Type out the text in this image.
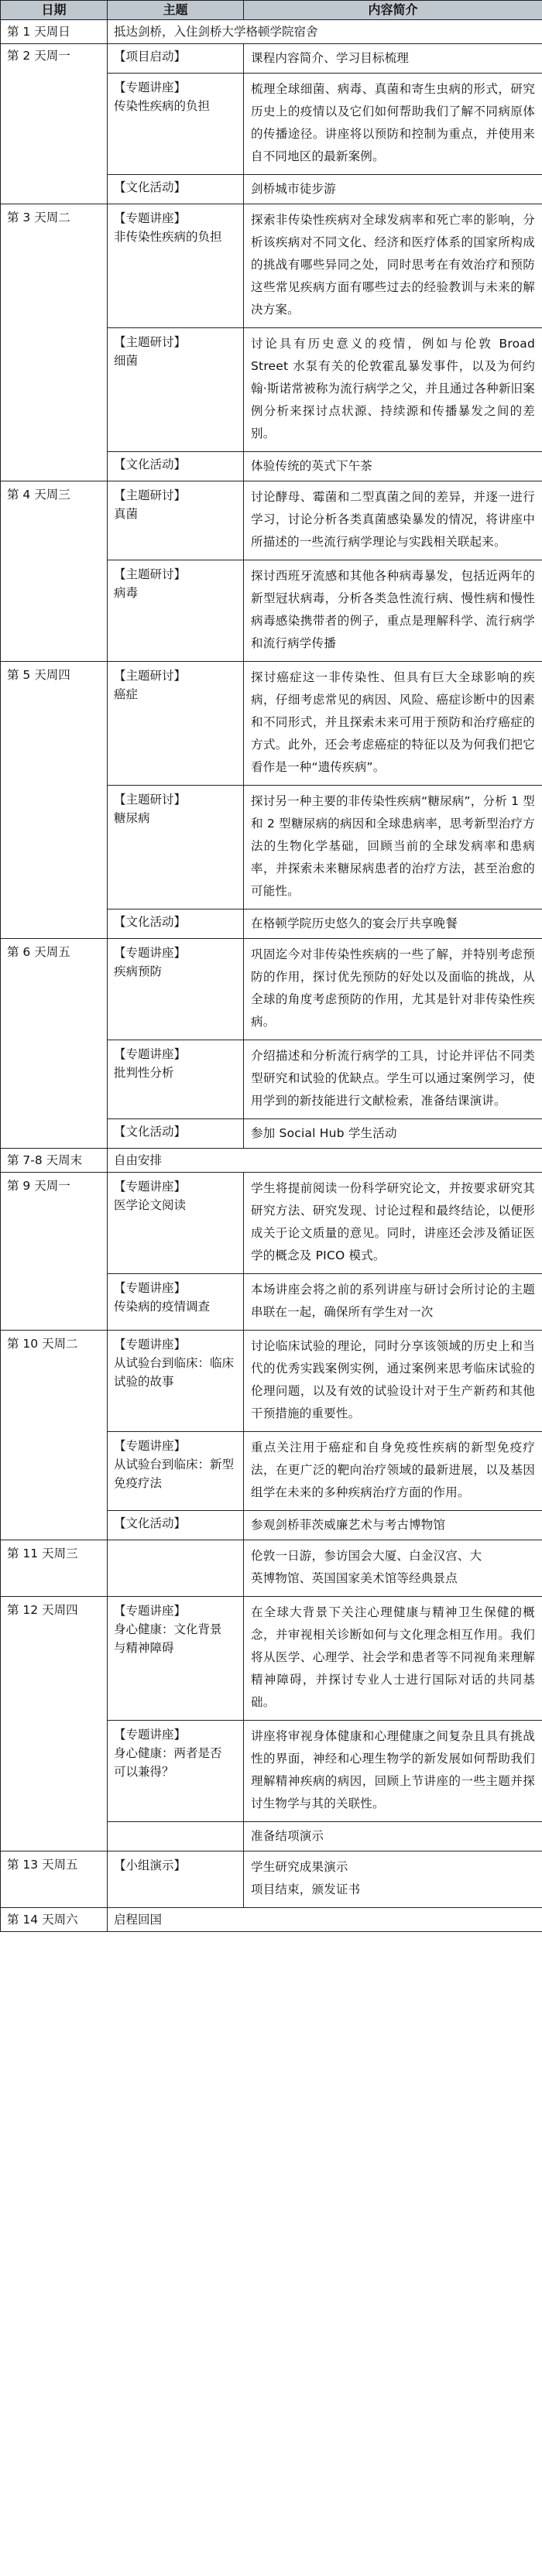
日期	主题	内容简介
第 1 天周日	抵达剑桥，入住剑桥大学格顿学院宿舍	
第 2 天周一	【项目启动】	课程内容简介、学习目标梳理

	【专题讲座】
传染性疾病的负担	梳理全球细菌、病毒、真菌和寄生虫病的形式，研究历史上的疫情以及它们如何帮助我们了解不同病原体的传播途径。讲座将以预防和控制为重点，并使用来自不同地区的最新案例。
	【文化活动】	剑桥城市徒步游
第 3 天周二	【专题讲座】
非传染性疾病的负担	探索非传染性疾病对全球发病率和死亡率的影响，分析该疾病对不同文化、经济和医疗体系的国家所构成的挑战有哪些异同之处，同时思考在有效治疗和预防这些常见疾病方面有哪些过去的经验教训与未来的解决方案。

	【主题研讨】
细菌	讨论具有历史意义的疫情，例如与伦敦 Broad Street 水泵有关的伦敦霍乱暴发事件，以及为何约翰·斯诺常被称为流行病学之父，并且通过各种新旧案例分析来探讨点状源、持续源和传播暴发之间的差别。
	【文化活动】	体验传统的英式下午茶
第 4 天周三	【主题研讨】
真菌	讨论酵母、霉菌和二型真菌之间的差异，并逐一进行学习，讨论分析各类真菌感染暴发的情况，将讲座中所描述的一些流行病学理论与实践相关联起来。

	【主题研讨】
病毒	探讨西班牙流感和其他各种病毒暴发，包括近两年的新型冠状病毒，分析各类急性流行病、慢性病和慢性病毒感染携带者的例子，重点是理解科学、流行病学和流行病学传播
第 5 天周四	【主题研讨】
癌症	探讨癌症这一非传染性、但具有巨大全球影响的疾病，仔细考虑常见的病因、风险、癌症诊断中的因素和不同形式，并且探索未来可用于预防和治疗癌症的方式。此外，还会考虑癌症的特征以及为何我们把它看作是一种“遗传疾病”。

	【主题研讨】
糖尿病	探讨另一种主要的非传染性疾病“糖尿病”，分析 1 型和 2 型糖尿病的病因和全球患病率，思考新型治疗方法的生物化学基础，回顾当前的全球发病率和患病率，并探索未来糖尿病患者的治疗方法，甚至治愈的可能性。
	【文化活动】	在格顿学院历史悠久的宴会厅共享晚餐
第 6 天周五	【专题讲座】
疾病预防	巩固迄今对非传染性疾病的一些了解，并特别考虑预防的作用，探讨优先预防的好处以及面临的挑战，从全球的角度考虑预防的作用，尤其是针对非传染性疾病。

	【专题讲座】
批判性分析	介绍描述和分析流行病学的工具，讨论并评估不同类型研究和试验的优缺点。学生可以通过案例学习，使用学到的新技能进行文献检索，准备结课演讲。
	【文化活动】	参加 Social Hub 学生活动
第 7-8 天周末	自由安排	
第 9 天周一	【专题讲座】
医学论文阅读	学生将提前阅读一份科学研究论文，并按要求研究其研究方法、研究发现、讨论过程和最终结论，以便形成关于论文质量的意见。同时，讲座还会涉及循证医学的概念及 PICO 模式。

	【专题讲座】
传染病的疫情调查	本场讲座会将之前的系列讲座与研讨会所讨论的主题串联在一起，确保所有学生对一次
第 10 天周二	【专题讲座】
从试验台到临床：临床
试验的故事	讨论临床试验的理论，同时分享该领域的历史上和当代的优秀实践案例实例，通过案例来思考临床试验的伦理问题，以及有效的试验设计对于生产新药和其他干预措施的重要性。

	【专题讲座】
从试验台到临床：新型
免疫疗法	重点关注用于癌症和自身免疫性疾病的新型免疫疗法，在更广泛的靶向治疗领域的最新进展，以及基因组学在未来的多种疾病治疗方面的作用。
	【文化活动】	参观剑桥菲茨威廉艺术与考古博物馆
第 11 天周三		伦敦一日游，参访国会大厦、白金汉宫、大
英博物馆、英国国家美术馆等经典景点

第 12 天周四	【专题讲座】
身心健康：文化背景
与精神障碍	在全球大背景下关注心理健康与精神卫生保健的概念，并审视相关诊断如何与文化理念相互作用。我们将从医学、心理学、社会学和患者等不同视角来理解精神障碍，并探讨专业人士进行国际对话的共同基础。

	【专题讲座】
身心健康：两者是否
可以兼得？	讲座将审视身体健康和心理健康之间复杂且具有挑战性的界面，神经和心理生物学的新发展如何帮助我们理解精神疾病的病因，回顾上节讲座的一些主题并探讨生物学与其的关联性。
		准备结项演示
第 13 天周五	【小组演示】	学生研究成果演示
项目结束，颁发证书

第 14 天周六	启程回国	
